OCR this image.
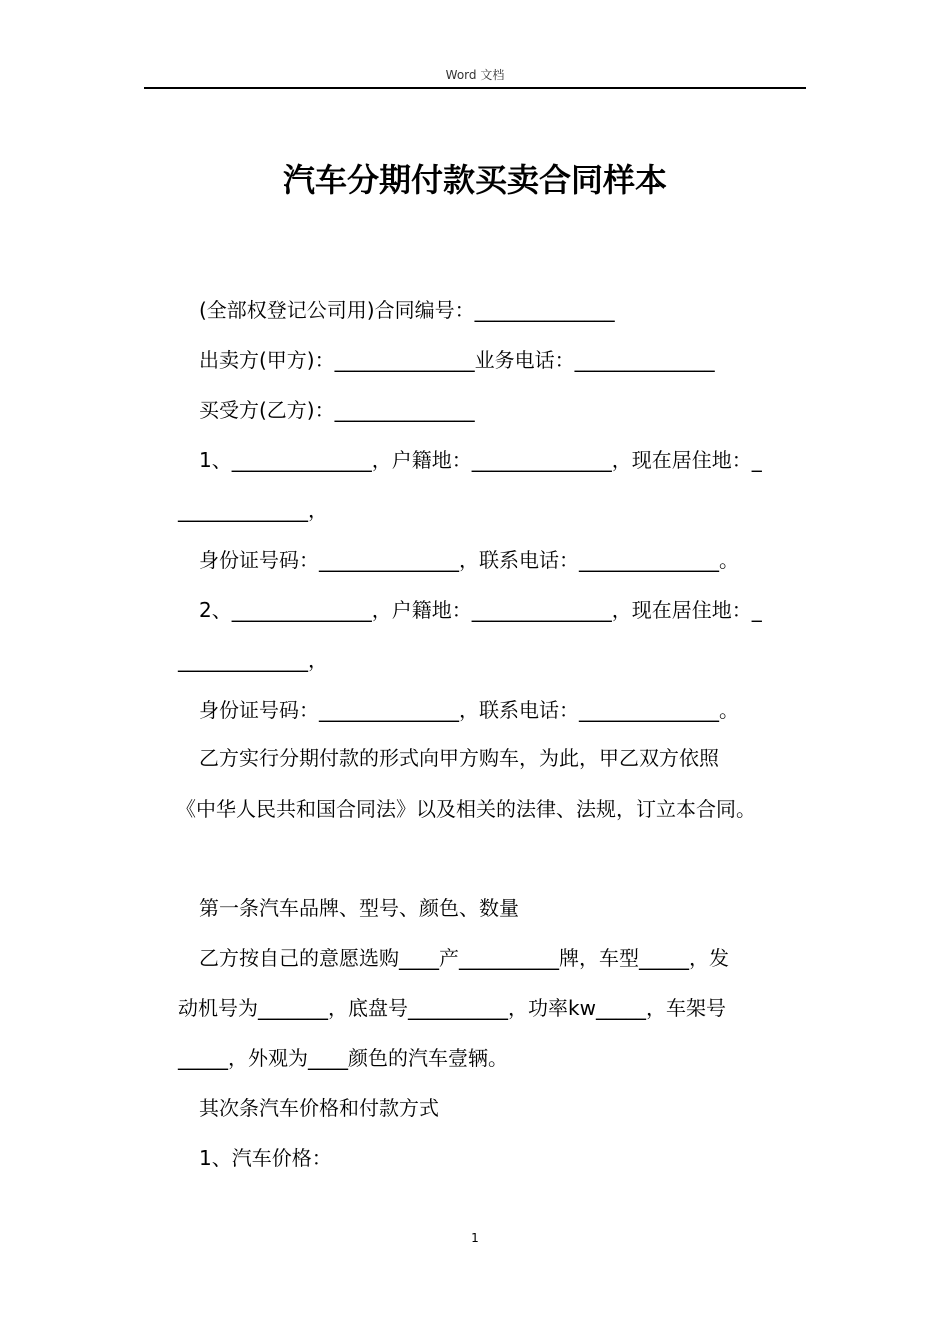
Word 文档
汽车分期付款买卖合同样本

(全部权登记公司用)合同编号：______________

出卖方(甲方)：______________业务电话：______________

买受方(乙方)：______________

1、______________，户籍地：______________，现在居住地：_

_____________，

身份证号码：______________，联系电话：______________。

2、______________，户籍地：______________，现在居住地：_

_____________，

身份证号码：______________，联系电话：______________。

乙方实行分期付款的形式向甲方购车，为此，甲乙双方依照

《中华人民共和国合同法》以及相关的法律、法规，订立本合同。

第一条汽车品牌、型号、颜色、数量

乙方按自己的意愿选购____产__________牌，车型_____，发

动机号为_______，底盘号__________，功率kw_____，车架号

_____，外观为____颜色的汽车壹辆。

其次条汽车价格和付款方式

1、汽车价格：

1
